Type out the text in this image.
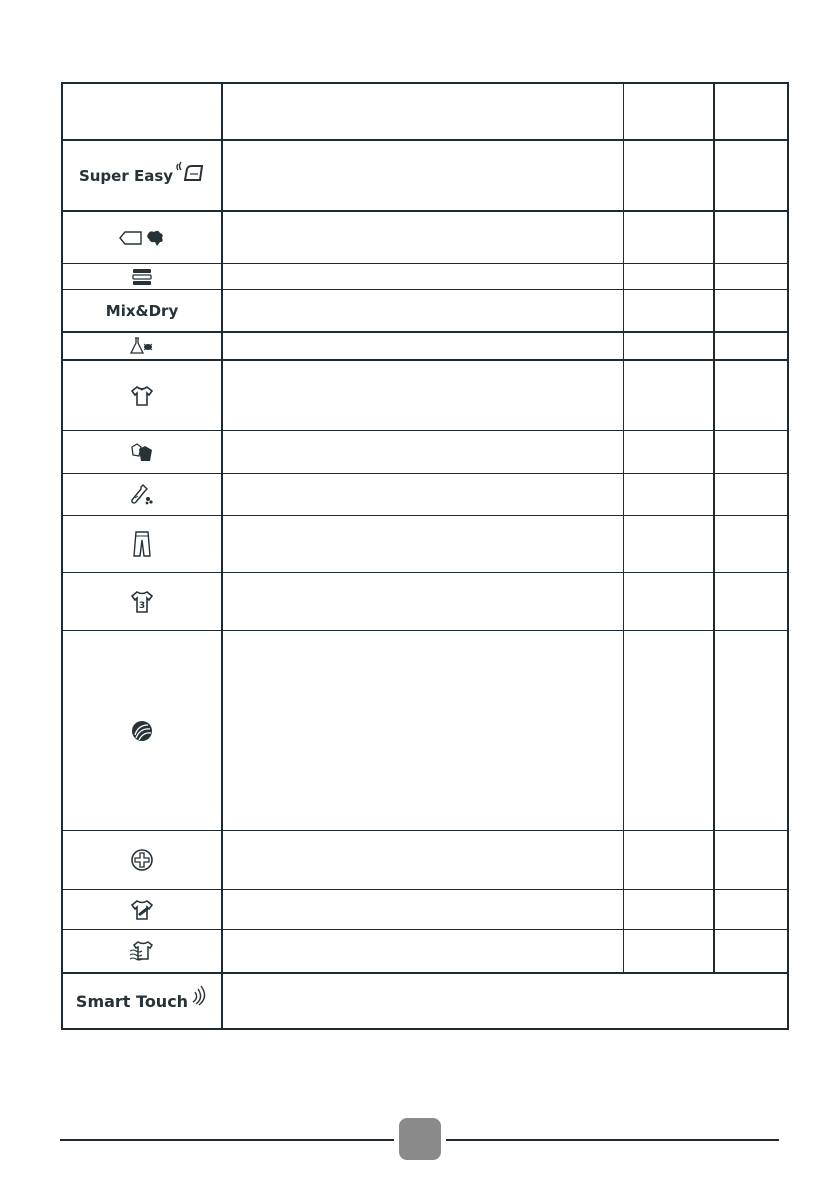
Super Easy
Mix&Dry
3
Smart Touch
